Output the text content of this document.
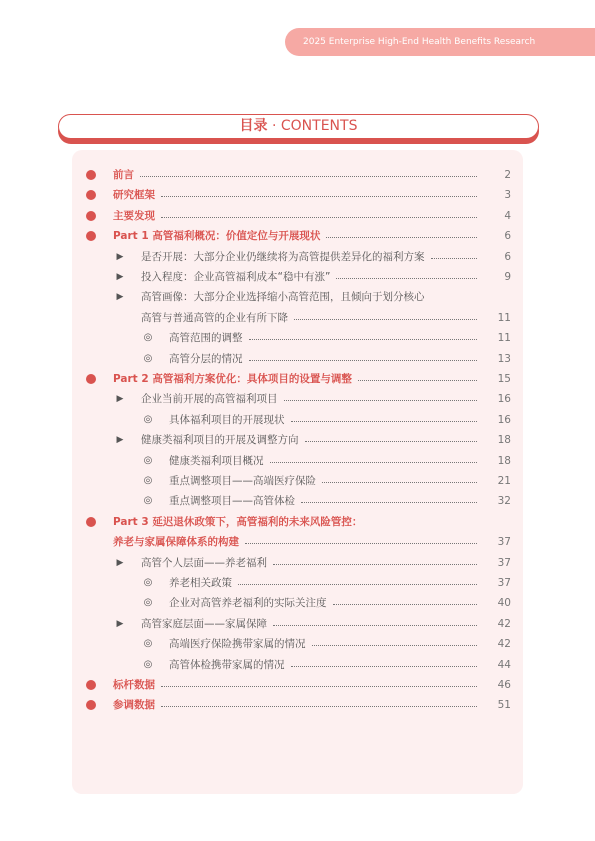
2025 Enterprise High-End Health Benefits Research
目录 · CONTENTS
前言	2
研究框架	3
主要发现	4
Part 1 高管福利概况：价值定位与开展现状	6
▶ 是否开展：大部分企业仍继续将为高管提供差异化的福利方案	6
▶ 投入程度：企业高管福利成本“稳中有涨”	9
▶ 高管画像：大部分企业选择缩小高管范围，且倾向于划分核心
高管与普通高管的企业有所下降	11
◎ 高管范围的调整	11
◎ 高管分层的情况	13
Part 2 高管福利方案优化：具体项目的设置与调整	15
▶ 企业当前开展的高管福利项目	16
◎ 具体福利项目的开展现状	16
▶ 健康类福利项目的开展及调整方向	18
◎ 健康类福利项目概况	18
◎ 重点调整项目——高端医疗保险	21
◎ 重点调整项目——高管体检	32
Part 3 延迟退休政策下，高管福利的未来风险管控：
养老与家属保障体系的构建	37
▶ 高管个人层面——养老福利	37
◎ 养老相关政策	37
◎ 企业对高管养老福利的实际关注度	40
▶ 高管家庭层面——家属保障	42
◎ 高端医疗保险携带家属的情况	42
◎ 高管体检携带家属的情况	44
标杆数据	46
参调数据	51
